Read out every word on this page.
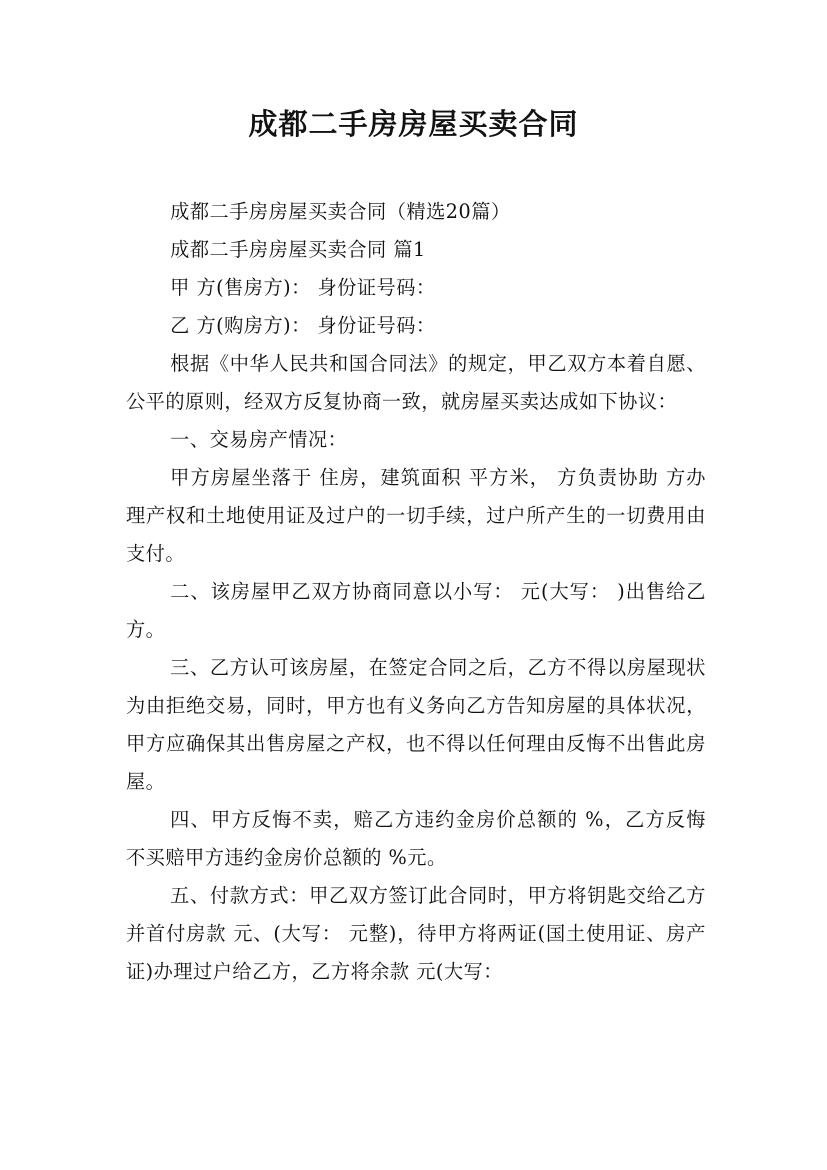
成都二手房房屋买卖合同

成都二手房房屋买卖合同（精选20篇）

成都二手房房屋买卖合同 篇1

甲 方(售房方)： 身份证号码：

乙 方(购房方)： 身份证号码：

根据《中华人民共和国合同法》的规定，甲乙双方本着自愿、公平的原则，经双方反复协商一致，就房屋买卖达成如下协议：

一、交易房产情况：

甲方房屋坐落于 住房，建筑面积 平方米， 方负责协助 方办理产权和土地使用证及过户的一切手续，过户所产生的一切费用由 支付。

二、该房屋甲乙双方协商同意以小写： 元(大写： )出售给乙方。

三、乙方认可该房屋，在签定合同之后，乙方不得以房屋现状为由拒绝交易，同时，甲方也有义务向乙方告知房屋的具体状况，甲方应确保其出售房屋之产权，也不得以任何理由反悔不出售此房屋。

四、甲方反悔不卖，赔乙方违约金房价总额的 %，乙方反悔不买赔甲方违约金房价总额的 %元。

五、付款方式：甲乙双方签订此合同时，甲方将钥匙交给乙方并首付房款 元、(大写： 元整)，待甲方将两证(国土使用证、房产证)办理过户给乙方，乙方将余款 元(大写：
